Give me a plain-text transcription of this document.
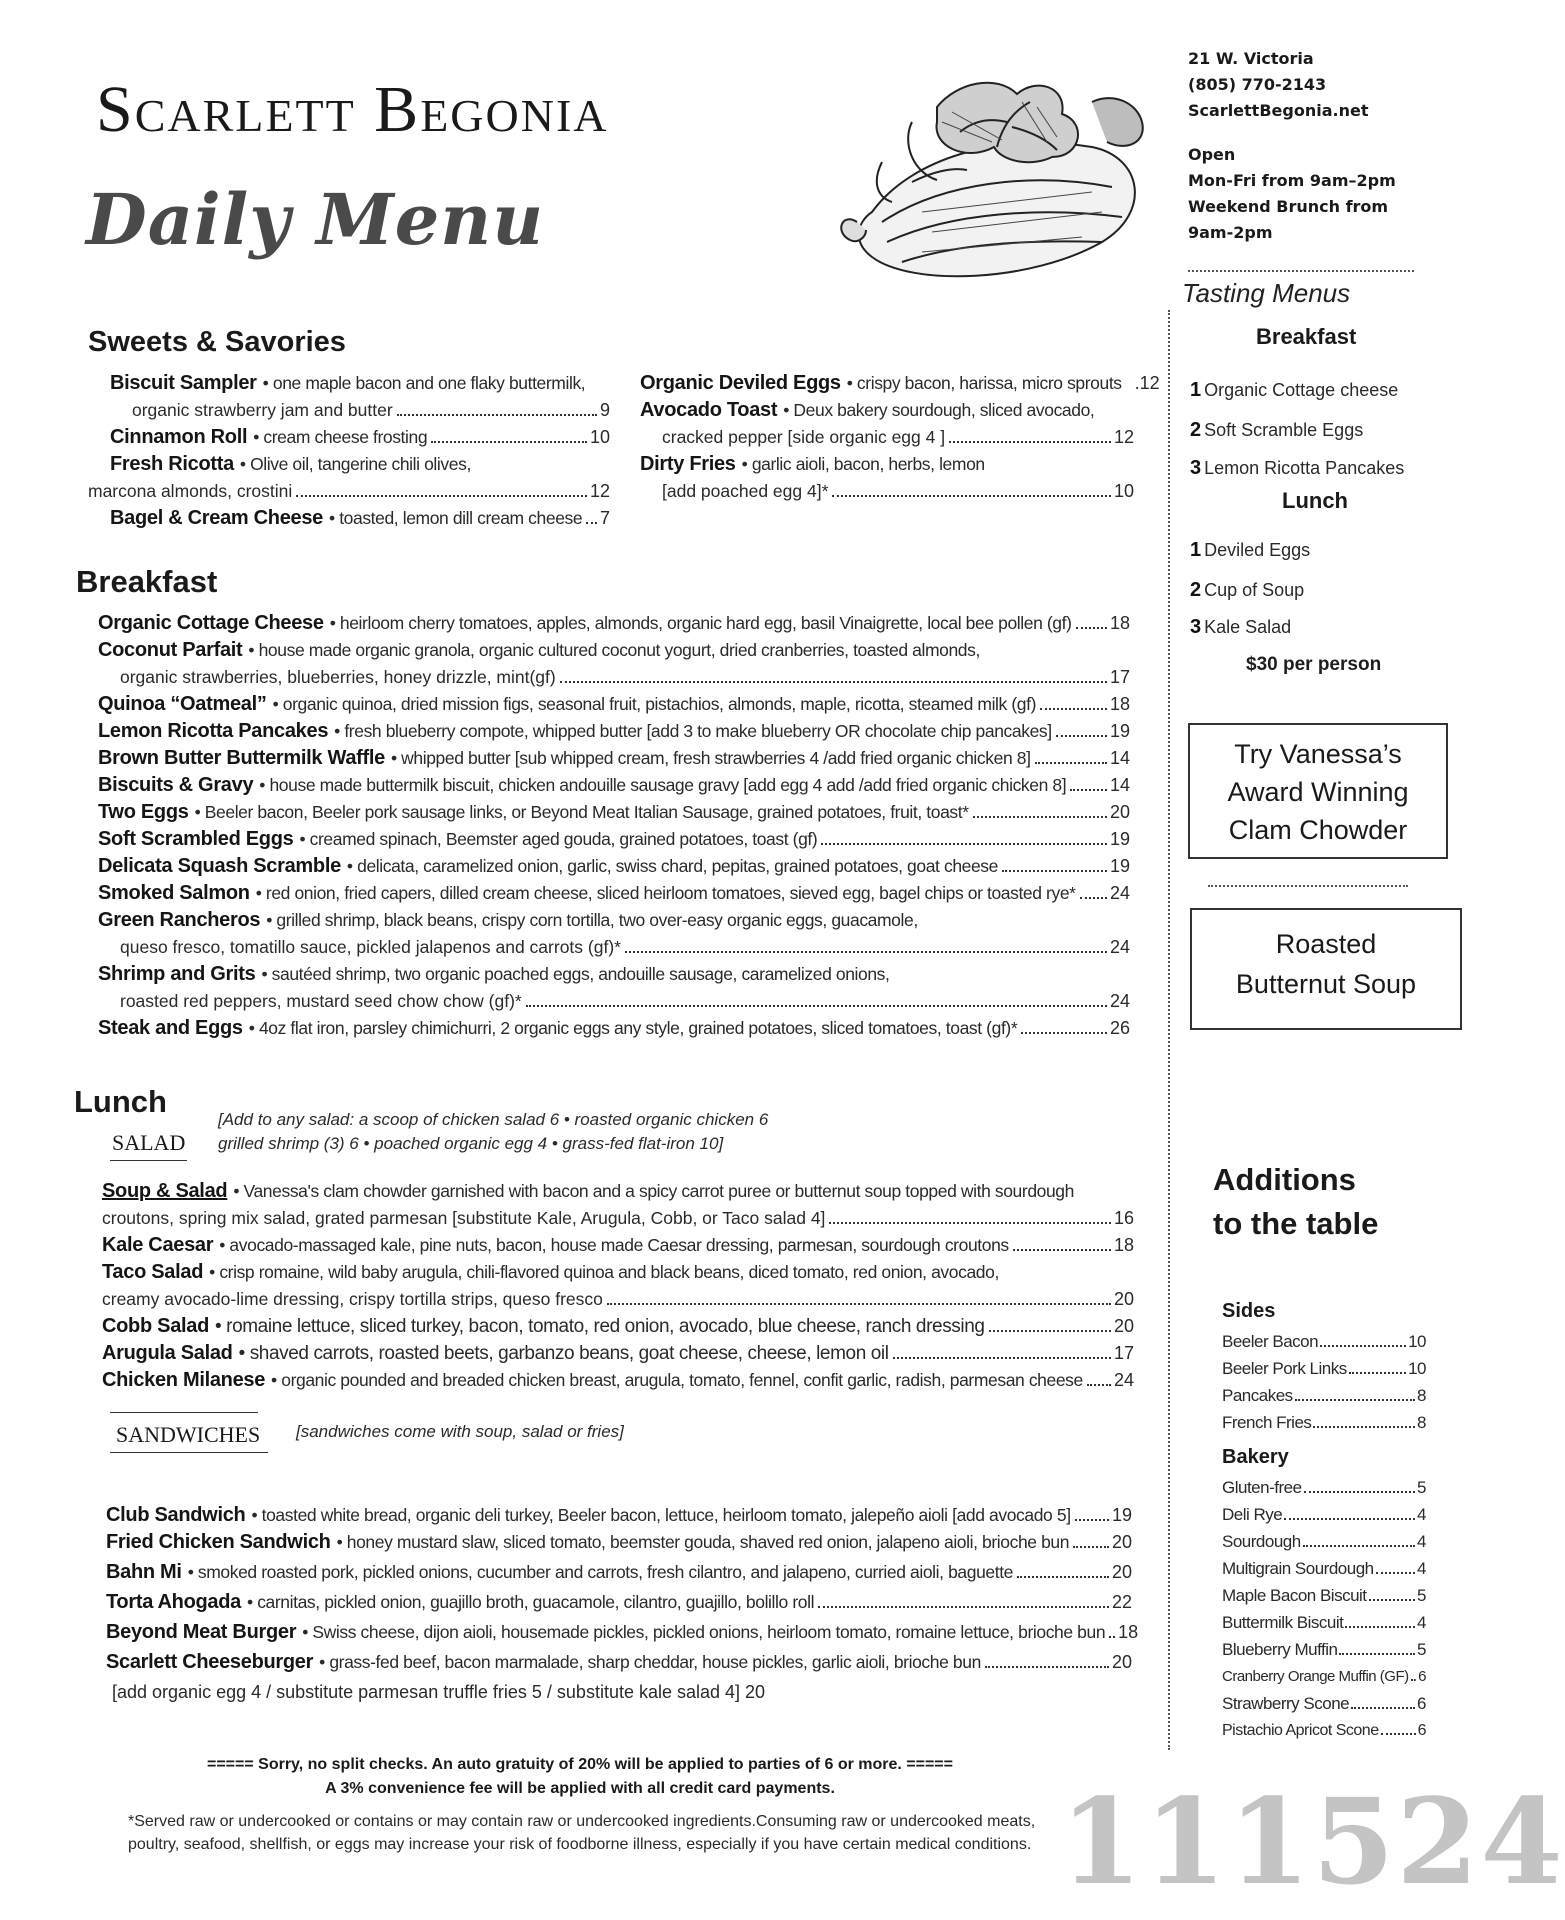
Scarlett Begonia
Daily Menu
21 W. Victoria
(805) 770-2143
ScarlettBegonia.net
Open
Mon-Fri from 9am–2pm
Weekend Brunch from 9am-2pm
Tasting Menus
Breakfast
1 Organic Cottage cheese
2 Soft Scramble Eggs
3 Lemon Ricotta Pancakes
Lunch
1 Deviled Eggs
2 Cup of Soup
3 Kale Salad
$30 per person
Try Vanessa’s
Award Winning
Clam Chowder
Roasted
Butternut Soup
Additions
to the table
Sides
Beeler Bacon	10
Beeler Pork Links	10
Pancakes	8
French Fries	8
Bakery
Gluten-free	5
Deli Rye	4
Sourdough	4
Multigrain Sourdough	4
Maple Bacon Biscuit	5
Buttermilk Biscuit	4
Blueberry Muffin	5
Cranberry Orange Muffin (GF) 6
Strawberry Scone	6
Pistachio Apricot Scone 6
Sweets & Savories
Biscuit Sampler • one maple bacon and one flaky buttermilk,
organic strawberry jam and butter	9
Cinnamon Roll • cream cheese frosting	10
Fresh Ricotta • Olive oil, tangerine chili olives,
marcona almonds, crostini	12
Bagel & Cream Cheese • toasted, lemon dill cream cheese 7
Organic Deviled Eggs • crispy bacon, harissa, micro sprouts .12
Avocado Toast • Deux bakery sourdough, sliced avocado,
cracked pepper [side organic egg 4 ]	12
Dirty Fries • garlic aioli, bacon, herbs, lemon
[add poached egg 4]*	10
Breakfast
Organic Cottage Cheese • heirloom cherry tomatoes, apples, almonds, organic hard egg, basil Vinaigrette, local bee pollen (gf) 18
Coconut Parfait • house made organic granola, organic cultured coconut yogurt, dried cranberries, toasted almonds,
organic strawberries, blueberries, honey drizzle, mint(gf)	17
Quinoa “Oatmeal” • organic quinoa, dried mission figs, seasonal fruit, pistachios, almonds, maple, ricotta, steamed milk (gf)	18
Lemon Ricotta Pancakes • fresh blueberry compote, whipped butter [add 3 to make blueberry OR chocolate chip pancakes]	19
Brown Butter Buttermilk Waffle • whipped butter [sub whipped cream, fresh strawberries 4 /add fried organic chicken 8]	14
Biscuits & Gravy • house made buttermilk biscuit, chicken andouille sausage gravy [add egg 4 add /add fried organic chicken 8] 14
Two Eggs • Beeler bacon, Beeler pork sausage links, or Beyond Meat Italian Sausage, grained potatoes, fruit, toast*	20
Soft Scrambled Eggs • creamed spinach, Beemster aged gouda, grained potatoes, toast (gf)	19
Delicata Squash Scramble • delicata, caramelized onion, garlic, swiss chard, pepitas, grained potatoes, goat cheese	19
Smoked Salmon • red onion, fried capers, dilled cream cheese, sliced heirloom tomatoes, sieved egg, bagel chips or toasted rye* 24
Green Rancheros • grilled shrimp, black beans, crispy corn tortilla, two over-easy organic eggs, guacamole,
queso fresco, tomatillo sauce, pickled jalapenos and carrots (gf)*	24
Shrimp and Grits • sautéed shrimp, two organic poached eggs, andouille sausage, caramelized onions,
roasted red peppers, mustard seed chow chow (gf)*	24
Steak and Eggs • 4oz flat iron, parsley chimichurri, 2 organic eggs any style, grained potatoes, sliced tomatoes, toast (gf)*	26
Lunch
SALAD
[Add to any salad: a scoop of chicken salad 6 • roasted organic chicken 6
grilled shrimp (3) 6 • poached organic egg 4 • grass-fed flat-iron 10]
Soup & Salad • Vanessa's clam chowder garnished with bacon and a spicy carrot puree or butternut soup topped with sourdough
croutons, spring mix salad, grated parmesan [substitute Kale, Arugula, Cobb, or Taco salad 4]	16
Kale Caesar • avocado-massaged kale, pine nuts, bacon, house made Caesar dressing, parmesan, sourdough croutons	18
Taco Salad • crisp romaine, wild baby arugula, chili-flavored quinoa and black beans, diced tomato, red onion, avocado,
creamy avocado-lime dressing, crispy tortilla strips, queso fresco	20
Cobb Salad • romaine lettuce, sliced turkey, bacon, tomato, red onion, avocado, blue cheese, ranch dressing	20
Arugula Salad • shaved carrots, roasted beets, garbanzo beans, goat cheese, cheese, lemon oil	17
Chicken Milanese • organic pounded and breaded chicken breast, arugula, tomato, fennel, confit garlic, radish, parmesan cheese 24
SANDWICHES [sandwiches come with soup, salad or fries]
Club Sandwich • toasted white bread, organic deli turkey, Beeler bacon, lettuce, heirloom tomato, jalepeño aioli [add avocado 5] 19
Fried Chicken Sandwich • honey mustard slaw, sliced tomato, beemster gouda, shaved red onion, jalapeno aioli, brioche bun 20
Bahn Mi • smoked roasted pork, pickled onions, cucumber and carrots, fresh cilantro, and jalapeno, curried aioli, baguette	20
Torta Ahogada • carnitas, pickled onion, guajillo broth, guacamole, cilantro, guajillo, bolillo roll	22
Beyond Meat Burger • Swiss cheese, dijon aioli, housemade pickles, pickled onions, heirloom tomato, romaine lettuce, brioche bun 18
Scarlett Cheeseburger • grass-fed beef, bacon marmalade, sharp cheddar, house pickles, garlic aioli, brioche bun	20
[add organic egg 4 / substitute parmesan truffle fries 5 / substitute kale salad 4] 20
===== Sorry, no split checks. An auto gratuity of 20% will be applied to parties of 6 or more. =====
A 3% convenience fee will be applied with all credit card payments.
*Served raw or undercooked or contains or may contain raw or undercooked ingredients.Consuming raw or undercooked meats,
poultry, seafood, shellfish, or eggs may increase your risk of foodborne illness, especially if you have certain medical conditions. 111524
